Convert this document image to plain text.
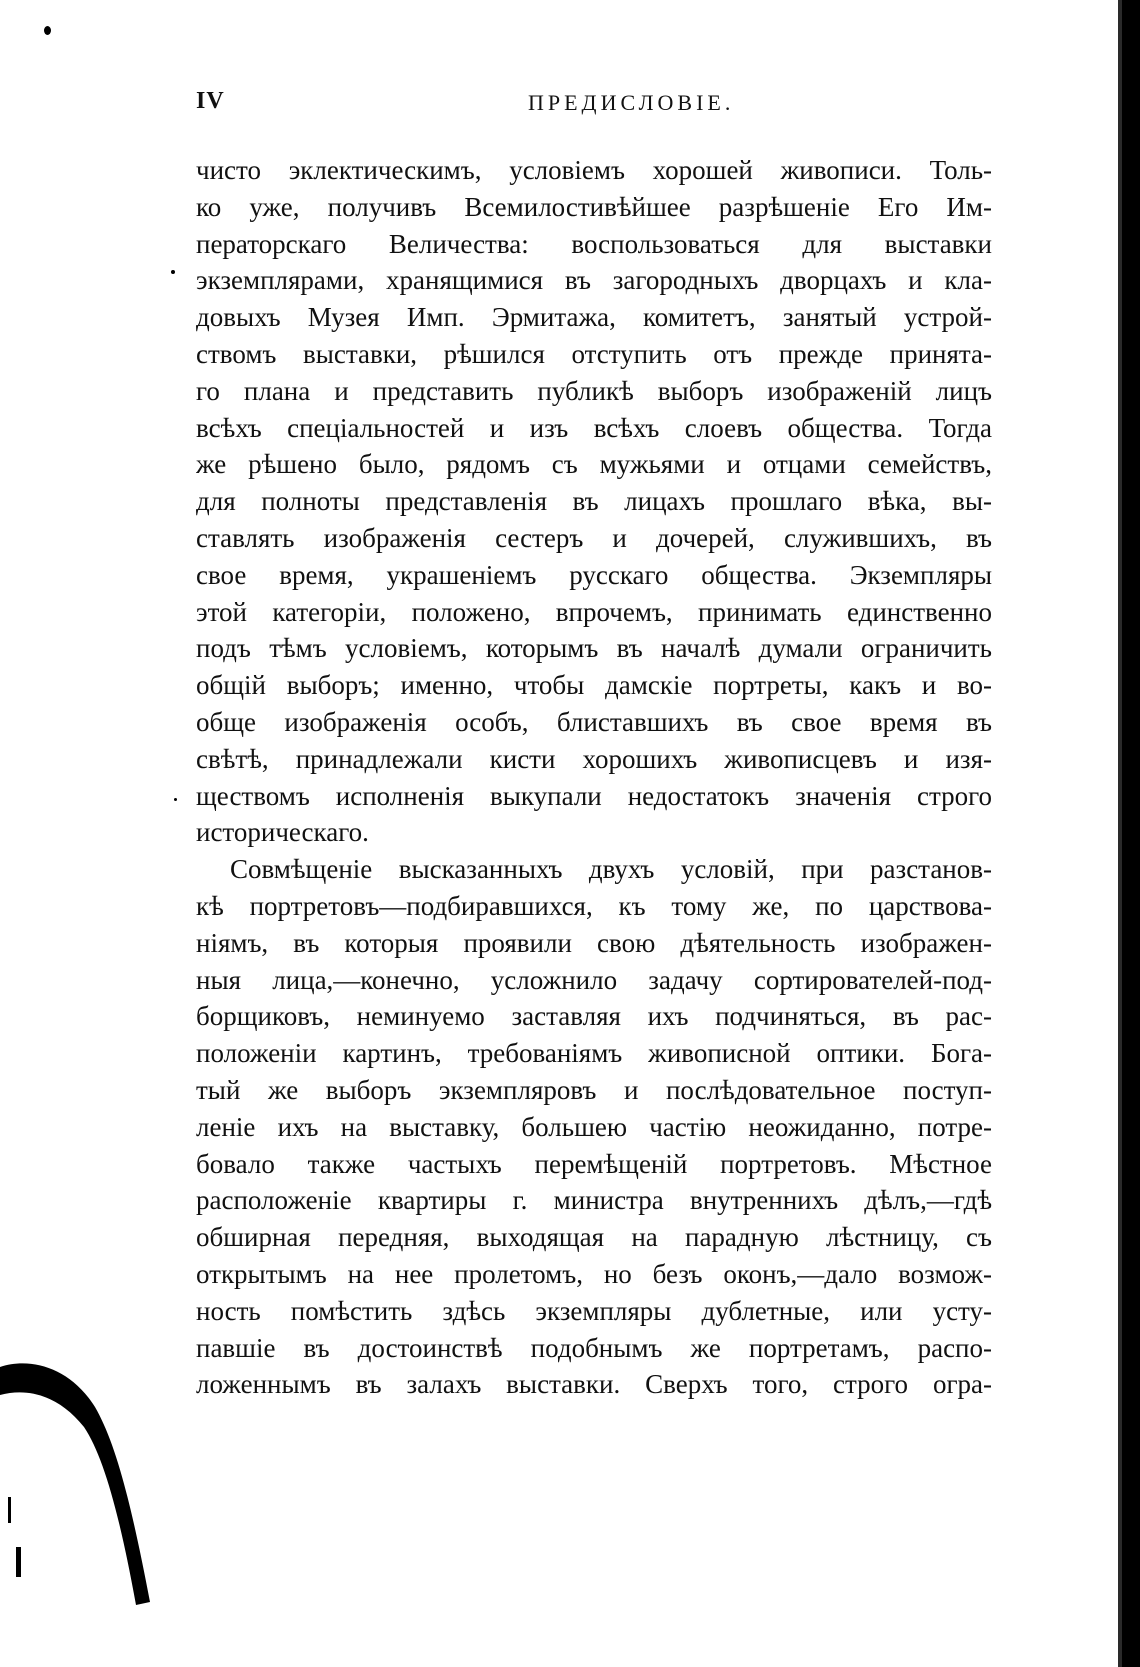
IV	ПРЕДИСЛОВІЕ.
чисто эклектическимъ, условіемъ хорошей живописи. Толь-
ко уже, получивъ Всемилостивѣйшее разрѣшеніе Его Им-
ператорскаго Величества: воспользоваться для выставки
экземплярами, хранящимися въ загородныхъ дворцахъ и кла-
довыхъ Музея Имп. Эрмитажа, комитетъ, занятый устрой-
ствомъ выставки, рѣшился отступить отъ прежде принята-
го плана и представить публикѣ выборъ изображеній лицъ
всѣхъ спеціальностей и изъ всѣхъ слоевъ общества. Тогда
же рѣшено было, рядомъ съ мужьями и отцами семействъ,
для полноты представленія въ лицахъ прошлаго вѣка, вы-
ставлять изображенія сестеръ и дочерей, служившихъ, въ
свое время, украшеніемъ русскаго общества. Экземпляры
этой категоріи, положено, впрочемъ, принимать единственно
подъ тѣмъ условіемъ, которымъ въ началѣ думали ограничить
общій выборъ; именно, чтобы дамскіе портреты, какъ и во-
обще изображенія особъ, блиставшихъ въ свое время въ
свѣтѣ, принадлежали кисти хорошихъ живописцевъ и изя-
ществомъ исполненія выкупали недостатокъ значенія строго
историческаго.
Совмѣщеніе высказанныхъ двухъ условій, при разстанов-
кѣ портретовъ—подбиравшихся, къ тому же, по царствова-
ніямъ, въ которыя проявили свою дѣятельность изображен-
ныя лица,—конечно, усложнило задачу сортирователей-под-
борщиковъ, неминуемо заставляя ихъ подчиняться, въ рас-
положеніи картинъ, требованіямъ живописной оптики. Бога-
тый же выборъ экземпляровъ и послѣдовательное поступ-
леніе ихъ на выставку, большею частію неожиданно, потре-
бовало также частыхъ перемѣщеній портретовъ. Мѣстное
расположеніе квартиры г. министра внутреннихъ дѣлъ,—гдѣ
обширная передняя, выходящая на парадную лѣстницу, съ
открытымъ на нее пролетомъ, но безъ оконъ,—дало возмож-
ность помѣстить здѣсь экземпляры дублетные, или усту-
павшіе въ достоинствѣ подобнымъ же портретамъ, распо-
ложеннымъ въ залахъ выставки. Сверхъ того, строго огра-
